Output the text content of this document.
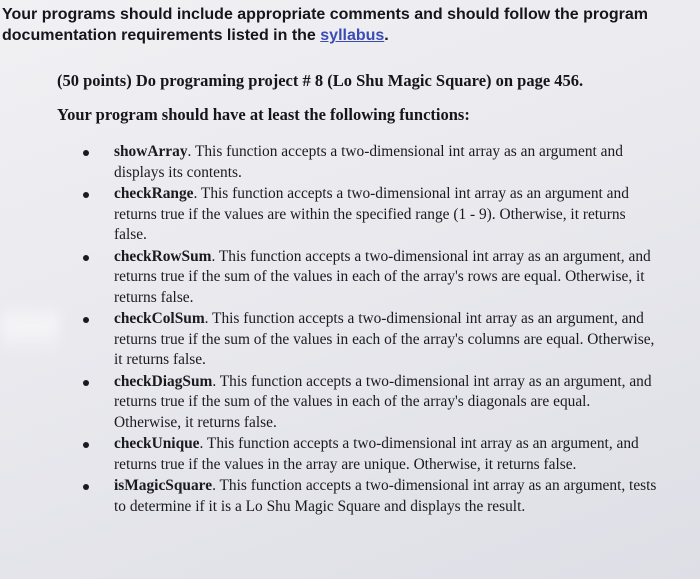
Your programs should include appropriate comments and should follow the program documentation requirements listed in the syllabus.

(50 points) Do programing project # 8 (Lo Shu Magic Square) on page 456.

Your program should have at least the following functions:

showArray. This function accepts a two-dimensional int array as an argument and displays its contents.
checkRange. This function accepts a two-dimensional int array as an argument and returns true if the values are within the specified range (1 - 9). Otherwise, it returns false.
checkRowSum. This function accepts a two-dimensional int array as an argument, and returns true if the sum of the values in each of the array's rows are equal. Otherwise, it returns false.
checkColSum. This function accepts a two-dimensional int array as an argument, and returns true if the sum of the values in each of the array's columns are equal. Otherwise, it returns false.
checkDiagSum. This function accepts a two-dimensional int array as an argument, and returns true if the sum of the values in each of the array's diagonals are equal. Otherwise, it returns false.
checkUnique. This function accepts a two-dimensional int array as an argument, and returns true if the values in the array are unique. Otherwise, it returns false.
isMagicSquare. This function accepts a two-dimensional int array as an argument, tests to determine if it is a Lo Shu Magic Square and displays the result.
